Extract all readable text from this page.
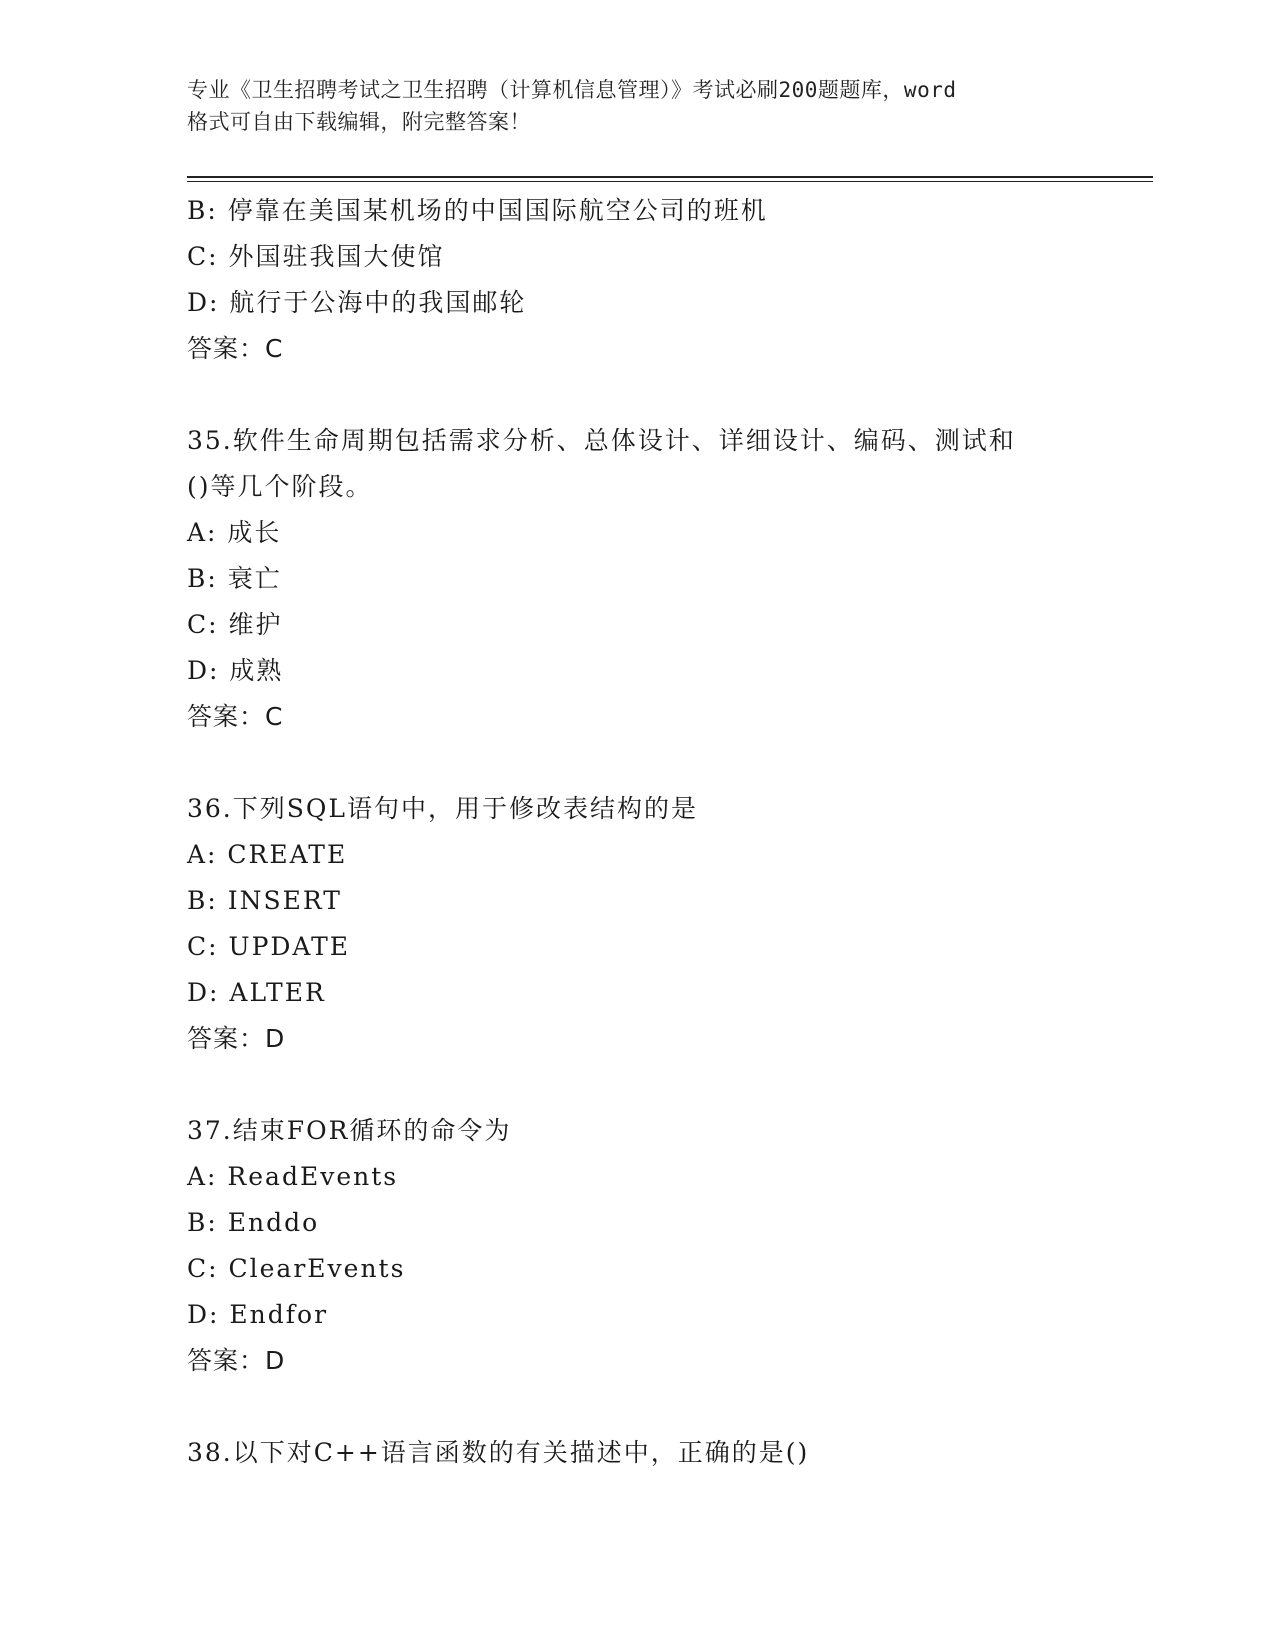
专业《卫生招聘考试之卫生招聘（计算机信息管理）》考试必刷200题题库，word
格式可自由下载编辑，附完整答案！
B: 停靠在美国某机场的中国国际航空公司的班机
C: 外国驻我国大使馆
D: 航行于公海中的我国邮轮
答案：C
35.软件生命周期包括需求分析、总体设计、详细设计、编码、测试和
()等几个阶段。
A: 成长
B: 衰亡
C: 维护
D: 成熟
答案：C
36.下列SQL语句中，用于修改表结构的是
A: CREATE
B: INSERT
C: UPDATE
D: ALTER
答案：D
37.结束FOR循环的命令为
A: ReadEvents
B: Enddo
C: ClearEvents
D: Endfor
答案：D
38.以下对C++语言函数的有关描述中，正确的是()
